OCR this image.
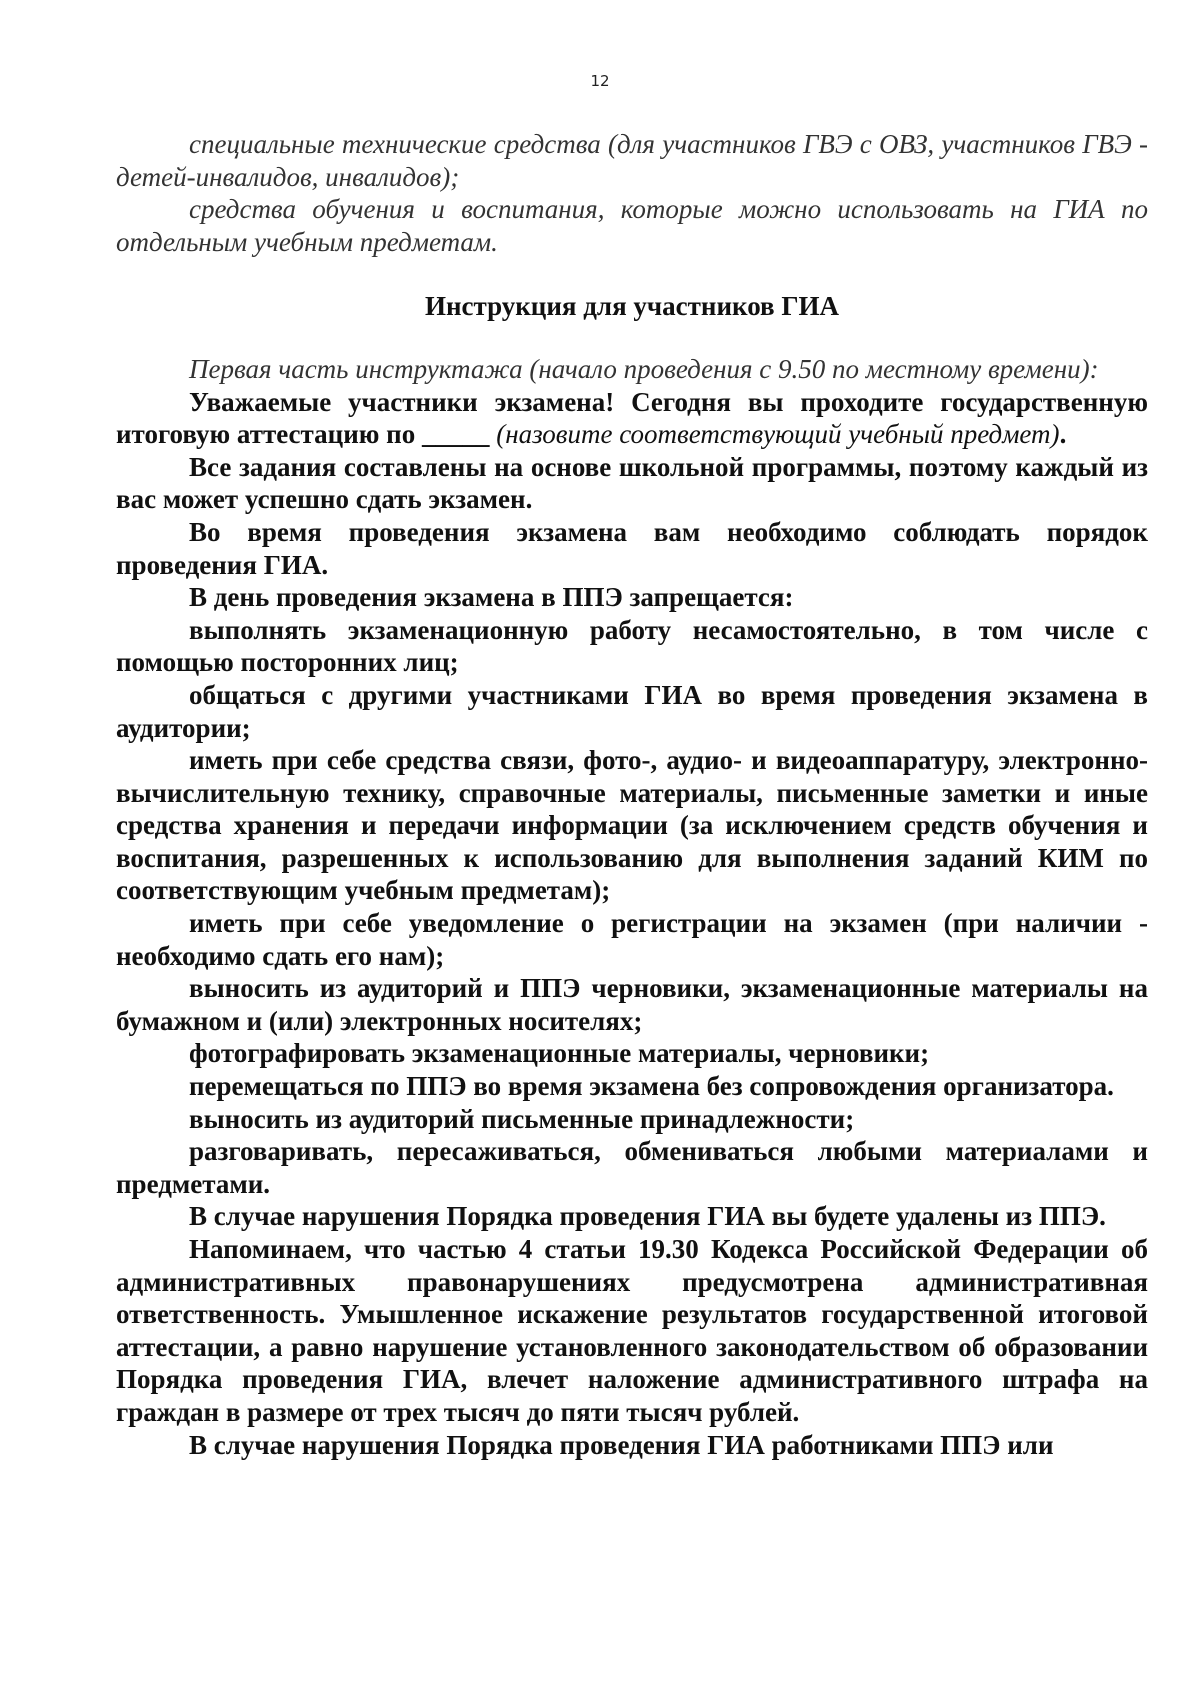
12

специальные технические средства (для участников ГВЭ с ОВЗ, участников ГВЭ - детей-инвалидов, инвалидов);

средства обучения и воспитания, которые можно использовать на ГИА по отдельным учебным предметам.

Инструкция для участников ГИА

Первая часть инструктажа (начало проведения с 9.50 по местному времени):

Уважаемые участники экзамена! Сегодня вы проходите государственную итоговую аттестацию по _____ (назовите соответствующий учебный предмет).

Все задания составлены на основе школьной программы, поэтому каждый из вас может успешно сдать экзамен.

Во время проведения экзамена вам необходимо соблюдать порядок проведения ГИА.

В день проведения экзамена в ППЭ запрещается:

выполнять экзаменационную работу несамостоятельно, в том числе с помощью посторонних лиц;

общаться с другими участниками ГИА во время проведения экзамена в аудитории;

иметь при себе средства связи, фото-, аудио- и видеоаппаратуру, электронно-вычислительную технику, справочные материалы, письменные заметки и иные средства хранения и передачи информации (за исключением средств обучения и воспитания, разрешенных к использованию для выполнения заданий КИМ по соответствующим учебным предметам);

иметь при себе уведомление о регистрации на экзамен (при наличии - необходимо сдать его нам);

выносить из аудиторий и ППЭ черновики, экзаменационные материалы на бумажном и (или) электронных носителях;

фотографировать экзаменационные материалы, черновики;

перемещаться по ППЭ во время экзамена без сопровождения организатора.

выносить из аудиторий письменные принадлежности;

разговаривать, пересаживаться, обмениваться любыми материалами и предметами.

В случае нарушения Порядка проведения ГИА вы будете удалены из ППЭ.

Напоминаем, что частью 4 статьи 19.30 Кодекса Российской Федерации об административных правонарушениях предусмотрена административная ответственность. Умышленное искажение результатов государственной итоговой аттестации, а равно нарушение установленного законодательством об образовании Порядка проведения ГИА, влечет наложение административного штрафа на граждан в размере от трех тысяч до пяти тысяч рублей.

В случае нарушения Порядка проведения ГИА работниками ППЭ или
